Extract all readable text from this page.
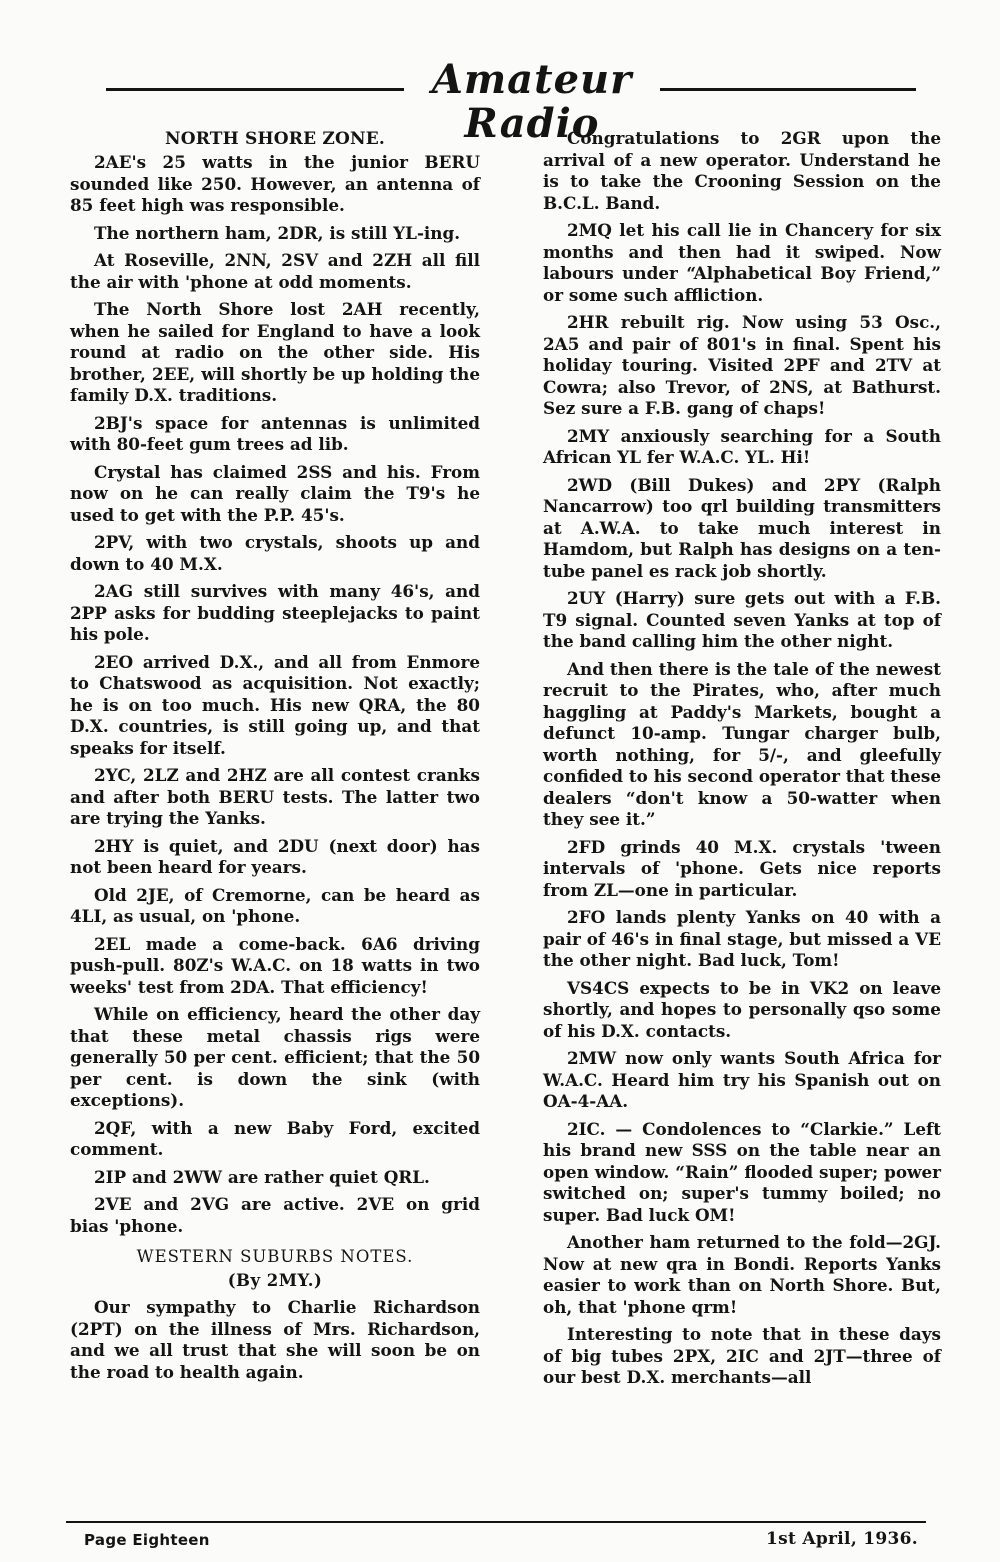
Amateur Radio
NORTH SHORE ZONE.

2AE's 25 watts in the junior BERU sounded like 250. However, an antenna of 85 feet high was responsible.

The northern ham, 2DR, is still YL-ing.

At Roseville, 2NN, 2SV and 2ZH all fill the air with 'phone at odd moments.

The North Shore lost 2AH recently, when he sailed for England to have a look round at radio on the other side. His brother, 2EE, will shortly be up holding the family D.X. traditions.

2BJ's space for antennas is unlimited with 80-feet gum trees ad lib.

Crystal has claimed 2SS and his. From now on he can really claim the T9's he used to get with the P.P. 45's.

2PV, with two crystals, shoots up and down to 40 M.X.

2AG still survives with many 46's, and 2PP asks for budding steeplejacks to paint his pole.

2EO arrived D.X., and all from Enmore to Chatswood as acquisition. Not exactly; he is on too much. His new QRA, the 80 D.X. countries, is still going up, and that speaks for itself.

2YC, 2LZ and 2HZ are all contest cranks and after both BERU tests. The latter two are trying the Yanks.

2HY is quiet, and 2DU (next door) has not been heard for years.

Old 2JE, of Cremorne, can be heard as 4LI, as usual, on 'phone.

2EL made a come-back. 6A6 driving push-pull. 80Z's W.A.C. on 18 watts in two weeks' test from 2DA. That efficiency!

While on efficiency, heard the other day that these metal chassis rigs were generally 50 per cent. efficient; that the 50 per cent. is down the sink (with exceptions).

2QF, with a new Baby Ford, excited comment.

2IP and 2WW are rather quiet QRL.

2VE and 2VG are active. 2VE on grid bias 'phone.

WESTERN SUBURBS NOTES.
(By 2MY.)

Our sympathy to Charlie Richardson (2PT) on the illness of Mrs. Richardson, and we all trust that she will soon be on the road to health again.

Congratulations to 2GR upon the arrival of a new operator. Understand he is to take the Crooning Session on the B.C.L. Band.

2MQ let his call lie in Chancery for six months and then had it swiped. Now labours under “Alphabetical Boy Friend,” or some such affliction.

2HR rebuilt rig. Now using 53 Osc., 2A5 and pair of 801's in final. Spent his holiday touring. Visited 2PF and 2TV at Cowra; also Trevor, of 2NS, at Bathurst. Sez sure a F.B. gang of chaps!

2MY anxiously searching for a South African YL fer W.A.C. YL. Hi!

2WD (Bill Dukes) and 2PY (Ralph Nancarrow) too qrl building transmitters at A.W.A. to take much interest in Hamdom, but Ralph has designs on a ten-tube panel es rack job shortly.

2UY (Harry) sure gets out with a F.B. T9 signal. Counted seven Yanks at top of the band calling him the other night.

And then there is the tale of the newest recruit to the Pirates, who, after much haggling at Paddy's Markets, bought a defunct 10-amp. Tungar charger bulb, worth nothing, for 5/-, and gleefully confided to his second operator that these dealers “don't know a 50-watter when they see it.”

2FD grinds 40 M.X. crystals 'tween intervals of 'phone. Gets nice reports from ZL—one in particular.

2FO lands plenty Yanks on 40 with a pair of 46's in final stage, but missed a VE the other night. Bad luck, Tom!

VS4CS expects to be in VK2 on leave shortly, and hopes to personally qso some of his D.X. contacts.

2MW now only wants South Africa for W.A.C. Heard him try his Spanish out on OA-4-AA.

2IC. — Condolences to “Clarkie.” Left his brand new SSS on the table near an open window. “Rain” flooded super; power switched on; super's tummy boiled; no super. Bad luck OM!

Another ham returned to the fold—2GJ. Now at new qra in Bondi. Reports Yanks easier to work than on North Shore. But, oh, that 'phone qrm!

Interesting to note that in these days of big tubes 2PX, 2IC and 2JT—three of our best D.X. merchants—all

Page Eighteen	1st April, 1936.
